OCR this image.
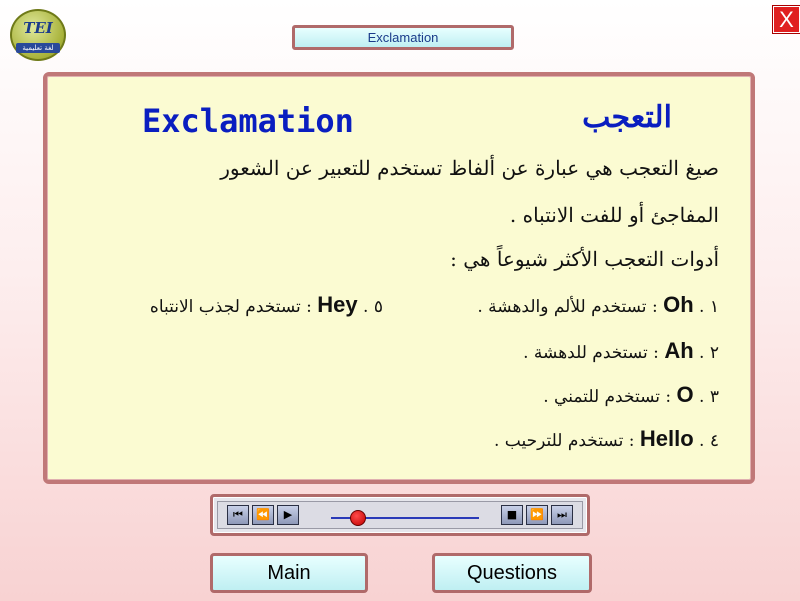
TEI
لغة تعليمية
Exclamation
X
Exclamation	التعجب
صيغ التعجب هي عبارة عن ألفاظ تستخدم للتعبير عن الشعور
المفاجئ أو للفت الانتباه .
أدوات التعجب الأكثر شيوعاً هي :
١ . Oh : تستخدم للألم والدهشة .
٢ . Ah : تستخدم للدهشة .
٣ . O : تستخدم للتمني .
٤ . Hello : تستخدم للترحيب .
٥ . Hey : تستخدم لجذب الانتباه
⏮	⏪	▶	■	⏩	⏭
Main	Questions
